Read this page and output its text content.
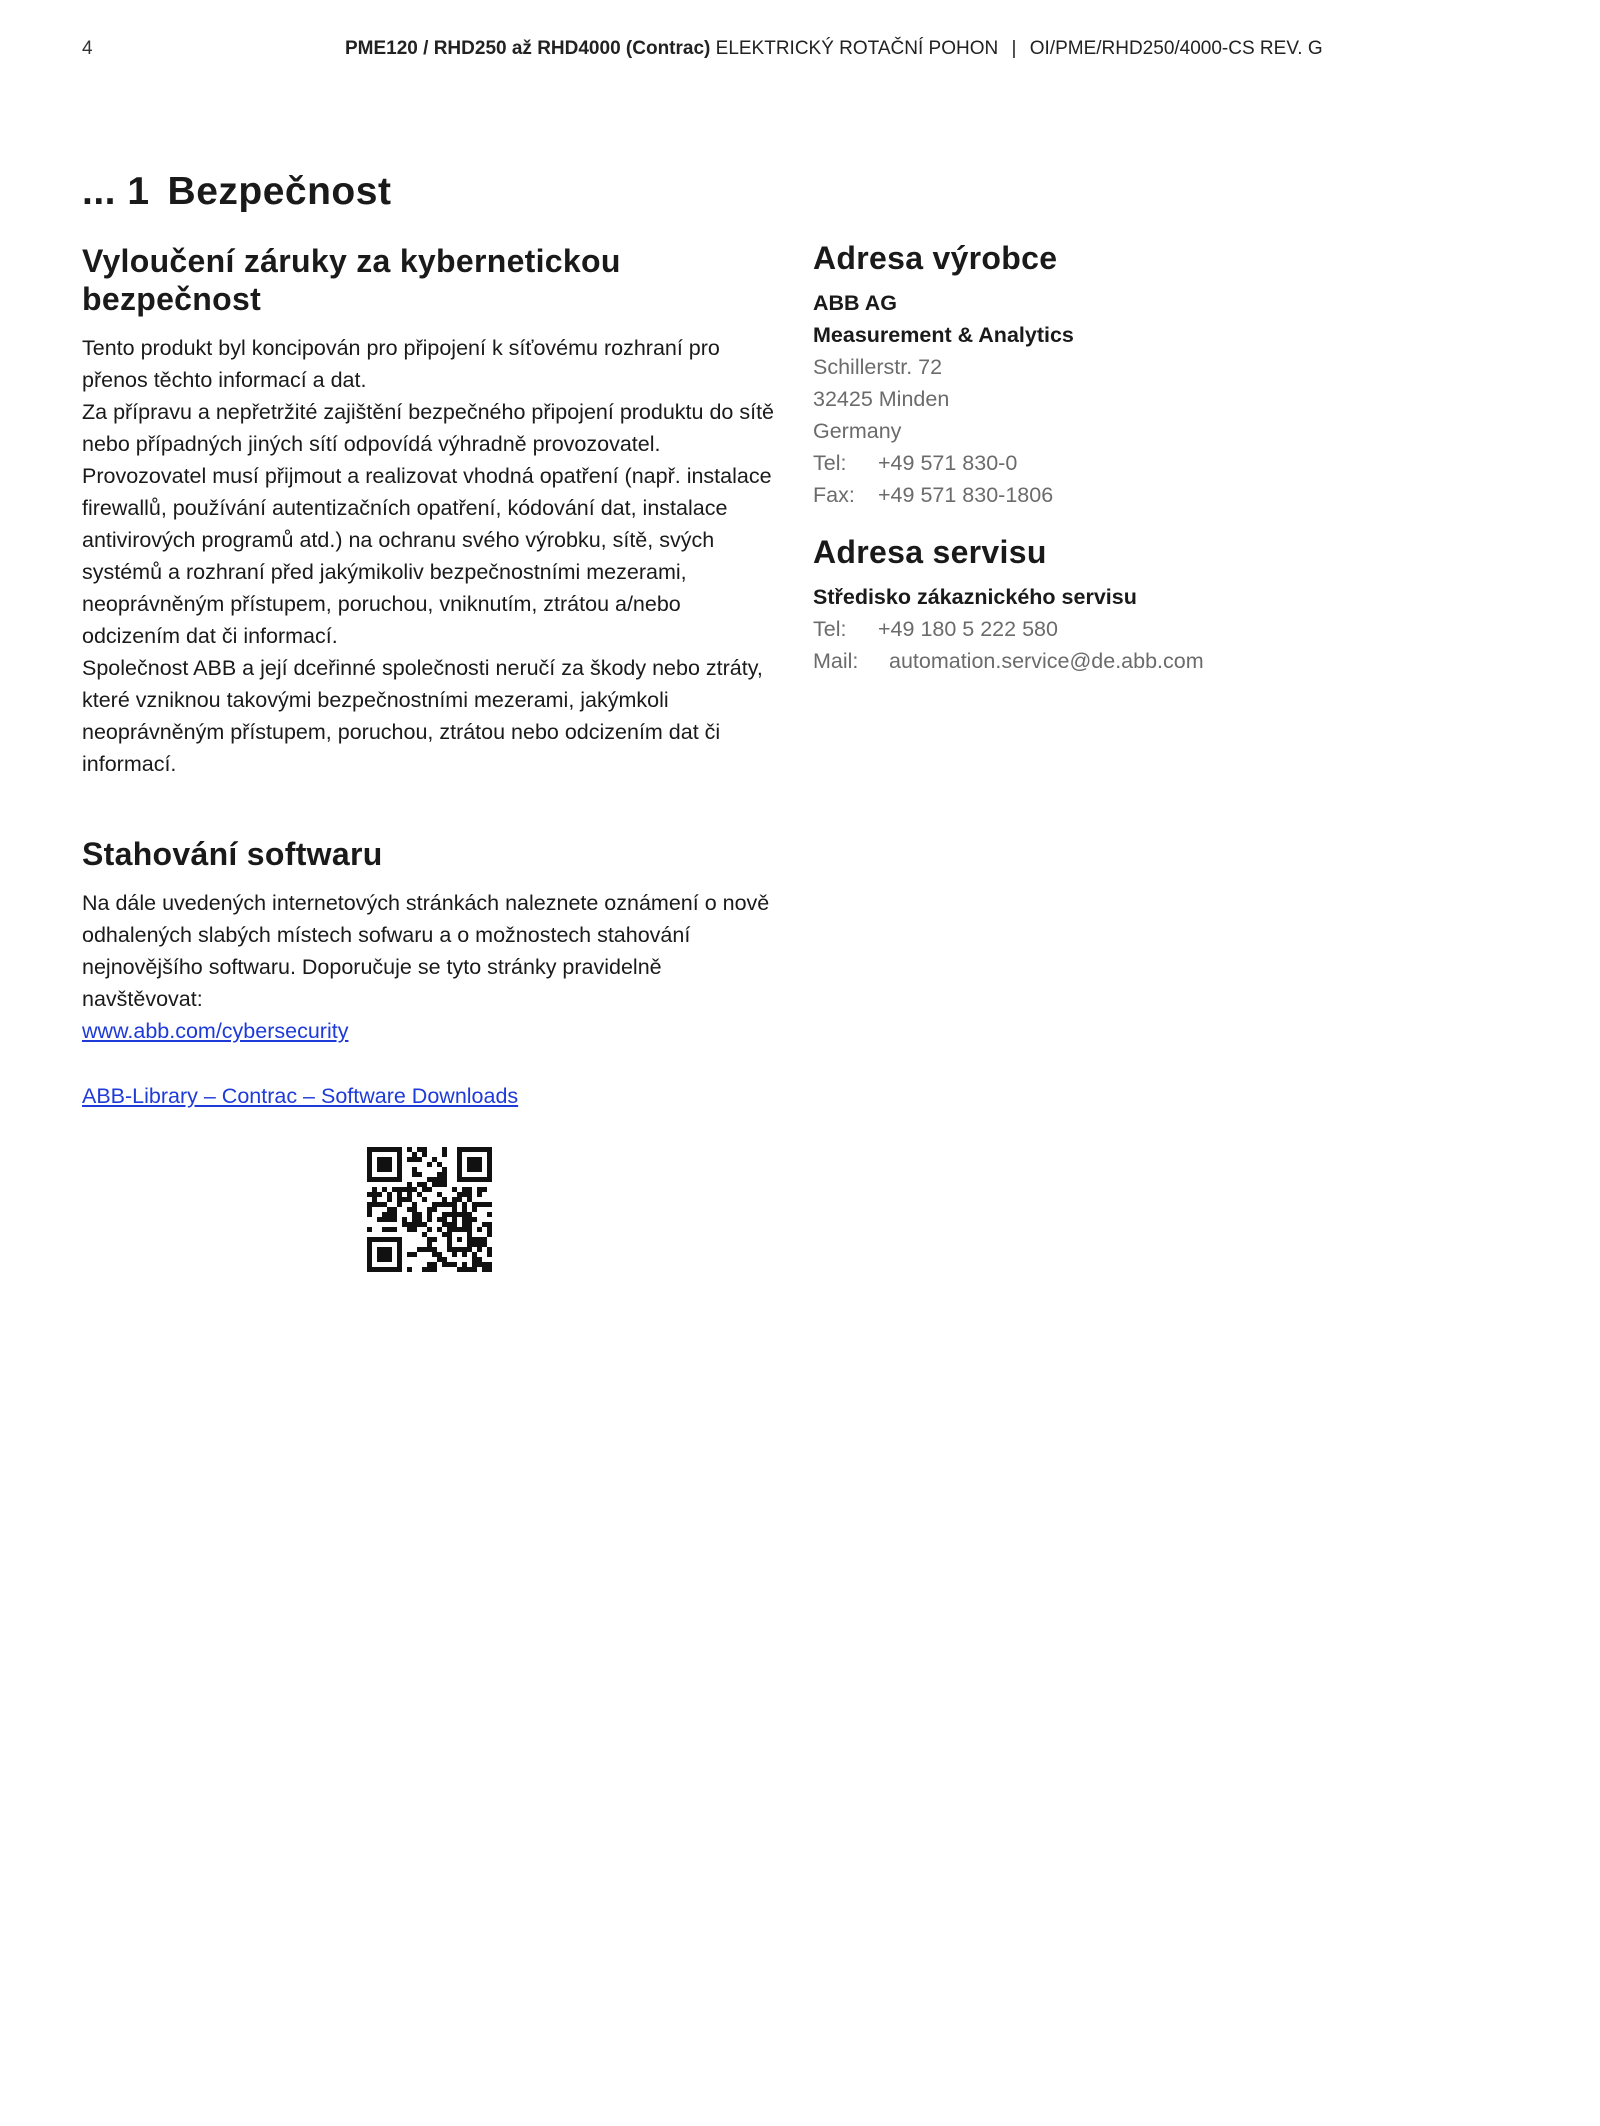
4	PME120 / RHD250 až RHD4000 (Contrac) ELEKTRICKÝ ROTAČNÍ POHON | OI/PME/RHD250/4000-CS REV. G
... 1 Bezpečnost
Vyloučení záruky za kybernetickou
bezpečnost

Tento produkt byl koncipován pro připojení k síťovému rozhraní pro přenos těchto informací a dat.

Za přípravu a nepřetržité zajištění bezpečného připojení produktu do sítě nebo případných jiných sítí odpovídá výhradně provozovatel.

Provozovatel musí přijmout a realizovat vhodná opatření (např. instalace firewallů, používání autentizačních opatření, kódování dat, instalace antivirových programů atd.) na ochranu svého výrobku, sítě, svých systémů a rozhraní před jakýmikoliv bezpečnostními mezerami, neoprávněným přístupem, poruchou, vniknutím, ztrátou a/nebo odcizením dat či informací.

Společnost ABB a její dceřinné společnosti neručí za škody nebo ztráty, které vzniknou takovými bezpečnostními mezerami, jakýmkoli neoprávněným přístupem, poruchou, ztrátou nebo odcizením dat či informací.

Stahování softwaru

Na dále uvedených internetových stránkách naleznete oznámení o nově odhalených slabých místech sofwaru a o možnostech stahování nejnovějšího softwaru. Doporučuje se tyto stránky pravidelně navštěvovat:

www.abb.com/cybersecurity
ABB-Library – Contrac – Software Downloads
Adresa výrobce
ABB AG
Measurement & Analytics
Schillerstr. 72
32425 Minden
Germany
Tel:	+49 571 830-0
Fax:	+49 571 830-1806
Adresa servisu
Středisko zákaznického servisu
Tel:	+49 180 5 222 580
Mail:	automation.service@de.abb.com
